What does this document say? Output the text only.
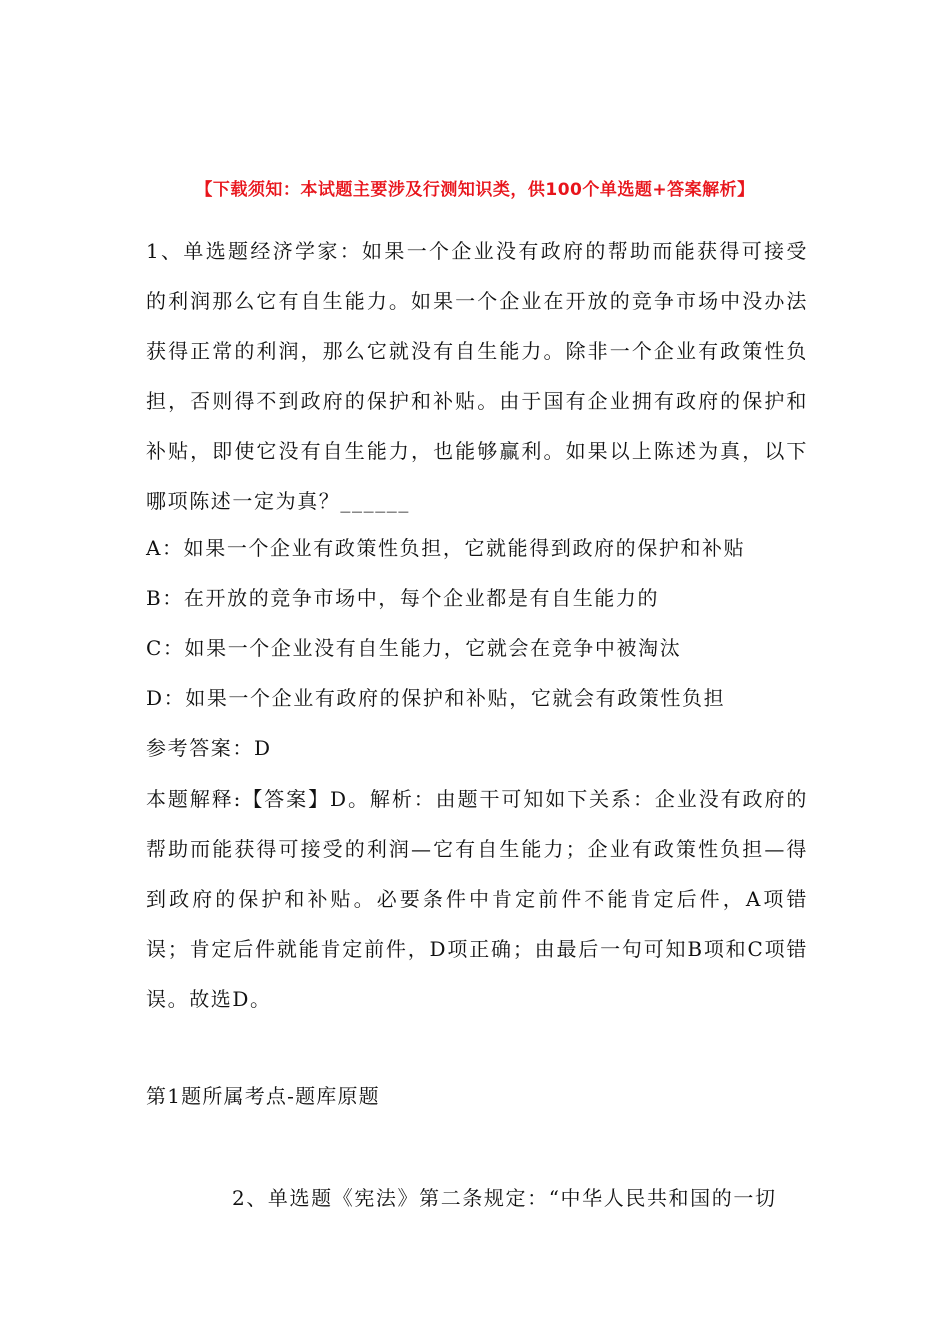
【下载须知：本试题主要涉及行测知识类，供100个单选题+答案解析】
1、单选题经济学家：如果一个企业没有政府的帮助而能获得可接受的利润那么它有自生能力。如果一个企业在开放的竞争市场中没办法获得正常的利润，那么它就没有自生能力。除非一个企业有政策性负担，否则得不到政府的保护和补贴。由于国有企业拥有政府的保护和补贴，即使它没有自生能力，也能够赢利。如果以上陈述为真，以下哪项陈述一定为真？______
A：如果一个企业有政策性负担，它就能得到政府的保护和补贴
B：在开放的竞争市场中，每个企业都是有自生能力的
C：如果一个企业没有自生能力，它就会在竞争中被淘汰
D：如果一个企业有政府的保护和补贴，它就会有政策性负担
参考答案：D
本题解释:【答案】D。解析：由题干可知如下关系：企业没有政府的帮助而能获得可接受的利润—它有自生能力；企业有政策性负担—得到政府的保护和补贴。必要条件中肯定前件不能肯定后件，A项错误；肯定后件就能肯定前件，D项正确；由最后一句可知B项和C项错误。故选D。
第1题所属考点-题库原题
2、单选题《宪法》第二条规定：“中华人民共和国的一切
